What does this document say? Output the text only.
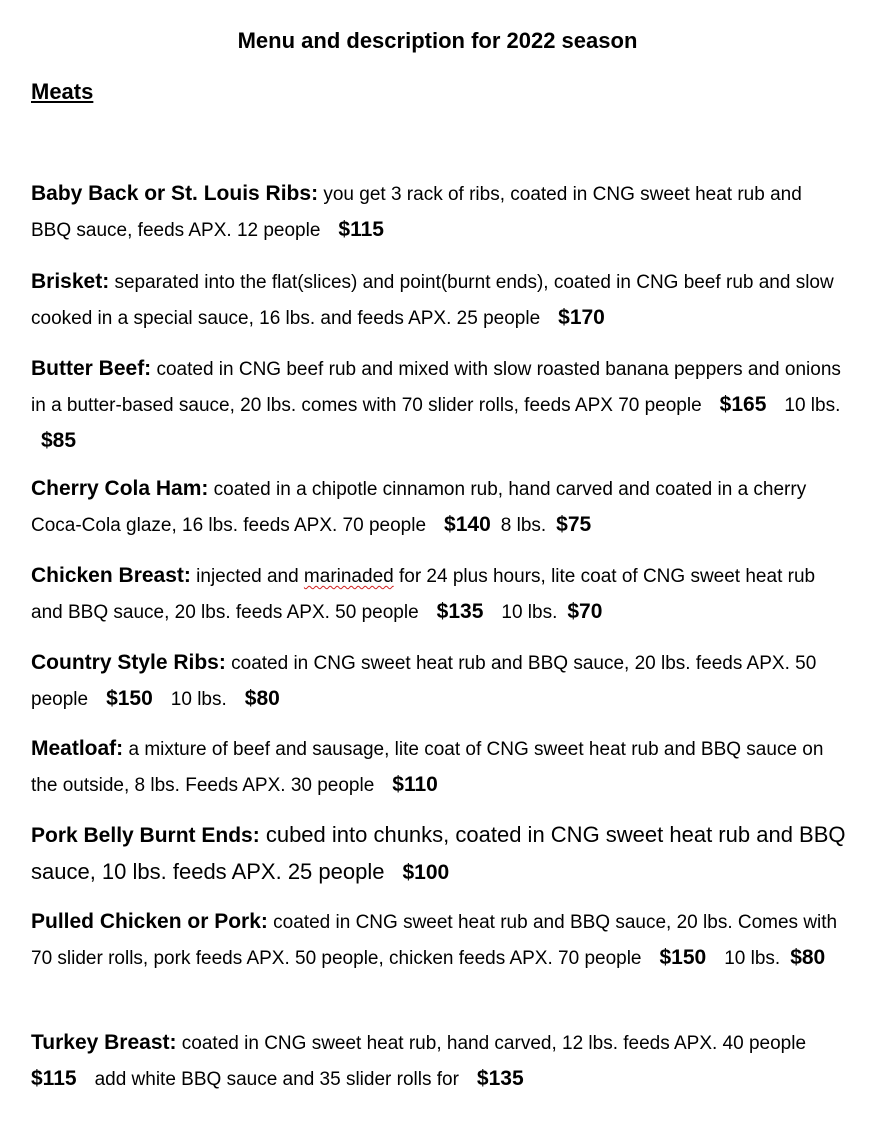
Menu and description for 2022 season
Meats
Baby Back or St. Louis Ribs: you get 3 rack of ribs, coated in CNG sweet heat rub and BBQ sauce, feeds APX. 12 people $115
Brisket: separated into the flat(slices) and point(burnt ends), coated in CNG beef rub and slow cooked in a special sauce, 16 lbs. and feeds APX. 25 people $170
Butter Beef: coated in CNG beef rub and mixed with slow roasted banana peppers and onions in a butter-based sauce, 20 lbs. comes with 70 slider rolls, feeds APX 70 people $165 10 lbs.$85
Cherry Cola Ham: coated in a chipotle cinnamon rub, hand carved and coated in a cherry Coca-Cola glaze, 16 lbs. feeds APX. 70 people $140 8 lbs. $75
Chicken Breast: injected and marinaded for 24 plus hours, lite coat of CNG sweet heat rub and BBQ sauce, 20 lbs. feeds APX. 50 people $135 10 lbs. $70
Country Style Ribs: coated in CNG sweet heat rub and BBQ sauce, 20 lbs. feeds APX. 50 people $150 10 lbs. $80
Meatloaf: a mixture of beef and sausage, lite coat of CNG sweet heat rub and BBQ sauce on the outside, 8 lbs. Feeds APX. 30 people $110
Pork Belly Burnt Ends: cubed into chunks, coated in CNG sweet heat rub and BBQ sauce, 10 lbs. feeds APX. 25 people $100
Pulled Chicken or Pork: coated in CNG sweet heat rub and BBQ sauce, 20 lbs. Comes with 70 slider rolls, pork feeds APX. 50 people, chicken feeds APX. 70 people $150 10 lbs. $80
Turkey Breast: coated in CNG sweet heat rub, hand carved, 12 lbs. feeds APX. 40 people$115 add white BBQ sauce and 35 slider rolls for $135
